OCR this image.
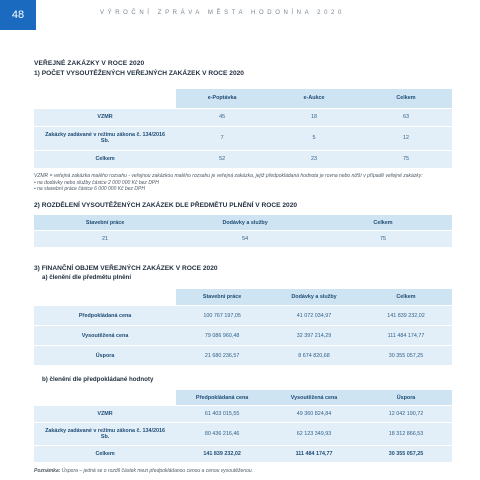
48	VÝROČNÍ ZPRÁVA MĚSTA HODONÍNA 2020
VEŘEJNÉ ZAKÁZKY V ROCE 2020
1) POČET VYSOUTĚŽENÝCH VEŘEJNÝCH ZAKÁZEK V ROCE 2020
	e-Poptávka	e-Aukce	Celkem
VZMR	45	18	63
Zakázky zadávané v režimu zákona č. 134/2016 Sb.	7	5	12
Celkem	52	23	75

VZMR = veřejná zakázka malého rozsahu - veřejnou zakázkou malého rozsahu je veřejná zakázka, jejíž předpokládaná hodnota je rovna nebo nižší v případě veřejné zakázky:

• na dodávky nebo služby částce 2 000 000 Kč bez DPH

• na stavební práce částce 6 000 000 Kč bez DPH

2) ROZDĚLENÍ VYSOUTĚŽENÝCH ZAKÁZEK DLE PŘEDMĚTU PLNĚNÍ V ROCE 2020
Stavební práce	Dodávky a služby	Celkem
21	54	75
3) FINANČNÍ OBJEM VEŘEJNÝCH ZAKÁZEK V ROCE 2020
a) členění dle předmětu plnění
	Stavební práce	Dodávky a služby	Celkem
Předpokládaná cena	100 767 197,05	41 072 034,97	141 839 232,02
Vysoutěžená cena	79 086 960,48	32 397 214,29	111 484 174,77
Úspora	21 680 236,57	8 674 820,68	30 355 057,25
b) členění dle předpokládané hodnoty
	Předpokládaná cena	Vysoutěžená cena	Úspora
VZMR	61 403 015,55	49 360 824,84	12 042 190,72
Zakázky zadávané v režimu zákona č. 134/2016 Sb.	80 436 216,46	62 123 349,93	18 312 866,53
Celkem	141 839 232,02	111 484 174,77	30 355 057,25

Poznámka: Úspora – jedná se o rozdíl částek mezi předpokládanou cenou a cenou vysoutěženou.
